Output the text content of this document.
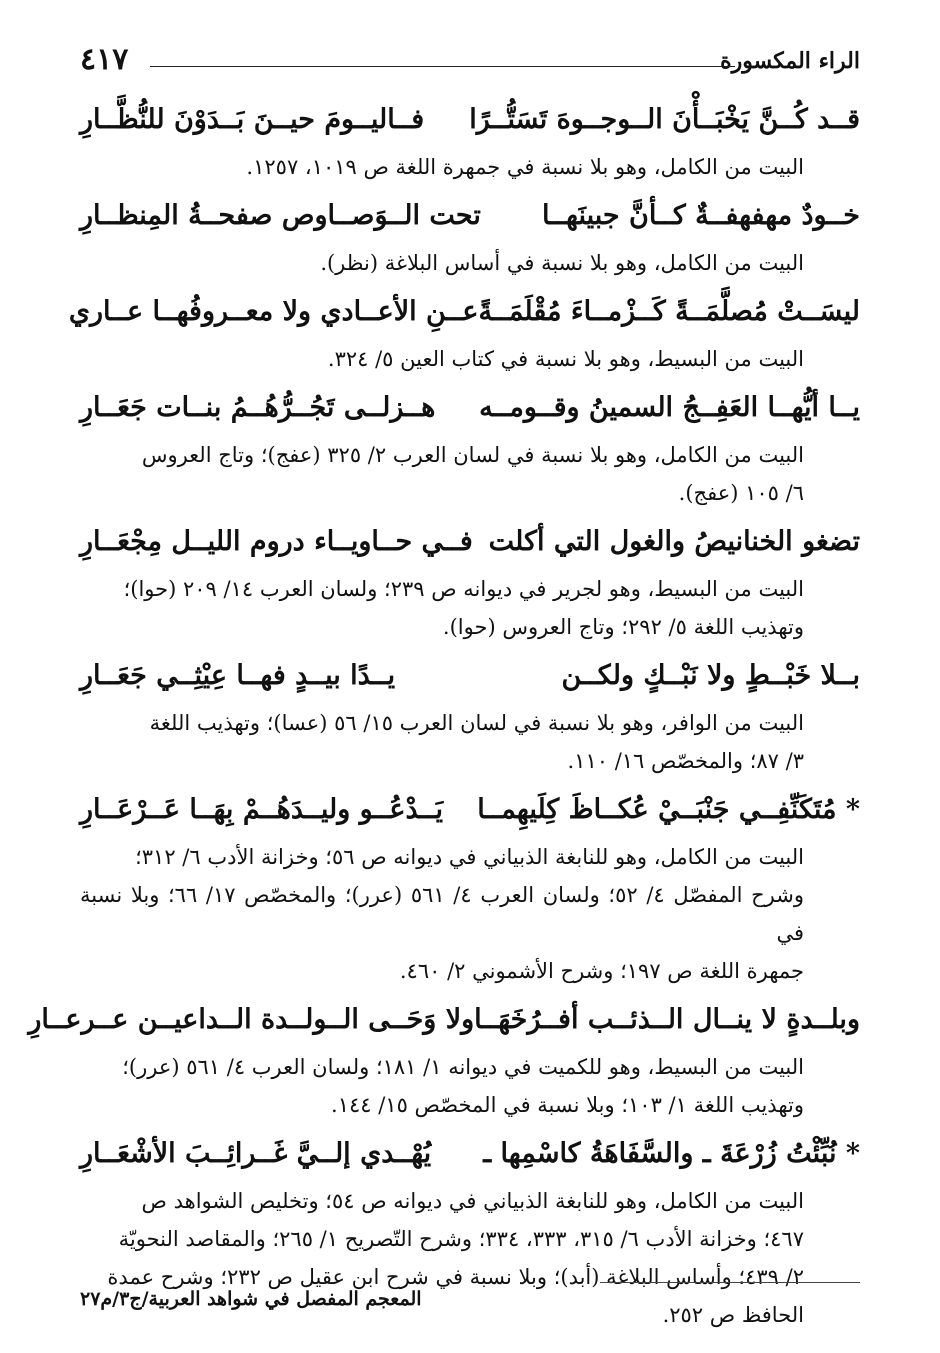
الراء المكسورة
٤١٧
قــد كُــنَّ يَخْبَــأْنَ الــوجــوهَ تَسَتُّــرًا
فــاليــومَ حيــنَ بَــدَوْنَ للنُّظَّــارِ
البيت من الكامل، وهو بلا نسبة في جمهرة اللغة ص ١٠١٩، ١٢٥٧.
خــودٌ مهفهفــةٌ كــأنَّ جبينَهــا
تحت الــوَصــاوص صفحــةُ المِنظــارِ
البيت من الكامل، وهو بلا نسبة في أساس البلاغة (نظر).
ليسَــتْ مُصلَّمَــةً كَــزْمــاءَ مُقْلَمَــةً
عــنِ الأعــادي ولا معــروفُهــا عــاري
البيت من البسيط، وهو بلا نسبة في كتاب العين ٥/ ٣٢٤.
يــا أيُّهــا العَفِــجُ السمينُ وقــومــه
هــزلــى تَجُــرُّهُــمُ بنــات جَعَــارِ
البيت من الكامل، وهو بلا نسبة في لسان العرب ٢/ ٣٢٥ (عفج)؛ وتاج العروس
٦/ ١٠٥ (عفج).
تضغو الخنانيصُ والغول التي أكلت
فــي حــاويــاء دروم الليــل مِجْعَــارِ
البيت من البسيط، وهو لجرير في ديوانه ص ٢٣٩؛ ولسان العرب ١٤/ ٢٠٩ (حوا)؛
وتهذيب اللغة ٥/ ٢٩٢؛ وتاج العروس (حوا).
بــلا خَبْــطٍ ولا نَبْــكٍ ولكــن
يــدًا بيــدٍ فهــا عِيْثِــي جَعَــارِ
البيت من الوافر، وهو بلا نسبة في لسان العرب ١٥/ ٥٦ (عسا)؛ وتهذيب اللغة
٣/ ٨٧؛ والمخصّص ١٦/ ١١٠.
* مُتَكَنِّفِــي جَنْبَــيْ عُكــاظَ كِلَيهِمــا
يَــدْعُــو وليــدَهُــمْ بِهَــا عَــرْعَــارِ
البيت من الكامل، وهو للنابغة الذبياني في ديوانه ص ٥٦؛ وخزانة الأدب ٦/ ٣١٢؛
وشرح المفصّل ٤/ ٥٢؛ ولسان العرب ٤/ ٥٦١ (عرر)؛ والمخصّص ١٧/ ٦٦؛ وبلا نسبة في
جمهرة اللغة ص ١٩٧؛ وشرح الأشموني ٢/ ٤٦٠.
وبلــدةٍ لا ينــال الــذئــب أفــرُخَهَــا
ولا وَحَــى الــولــدة الــداعيــن عــرعــارِ
البيت من البسيط، وهو للكميت في ديوانه ١/ ١٨١؛ ولسان العرب ٤/ ٥٦١ (عرر)؛
وتهذيب اللغة ١/ ١٠٣؛ وبلا نسبة في المخصّص ١٥/ ١٤٤.
* نُبِّئْتُ زُرْعَةَ ـ والسَّفَاهَةُ كاسْمِها ـ
يُهْــدي إلــيَّ غَــرائِــبَ الأشْعَــارِ
البيت من الكامل، وهو للنابغة الذبياني في ديوانه ص ٥٤؛ وتخليص الشواهد ص
٤٦٧؛ وخزانة الأدب ٦/ ٣١٥، ٣٣٣، ٣٣٤؛ وشرح التّصريح ١/ ٢٦٥؛ والمقاصد النحويّة
٢/ ٤٣٩؛ وأساس البلاغة (أبد)؛ وبلا نسبة في شرح ابن عقيل ص ٢٣٢؛ وشرح عمدة
الحافظ ص ٢٥٢.
المعجم المفصل في شواهد العربية/ج٣/م٢٧
